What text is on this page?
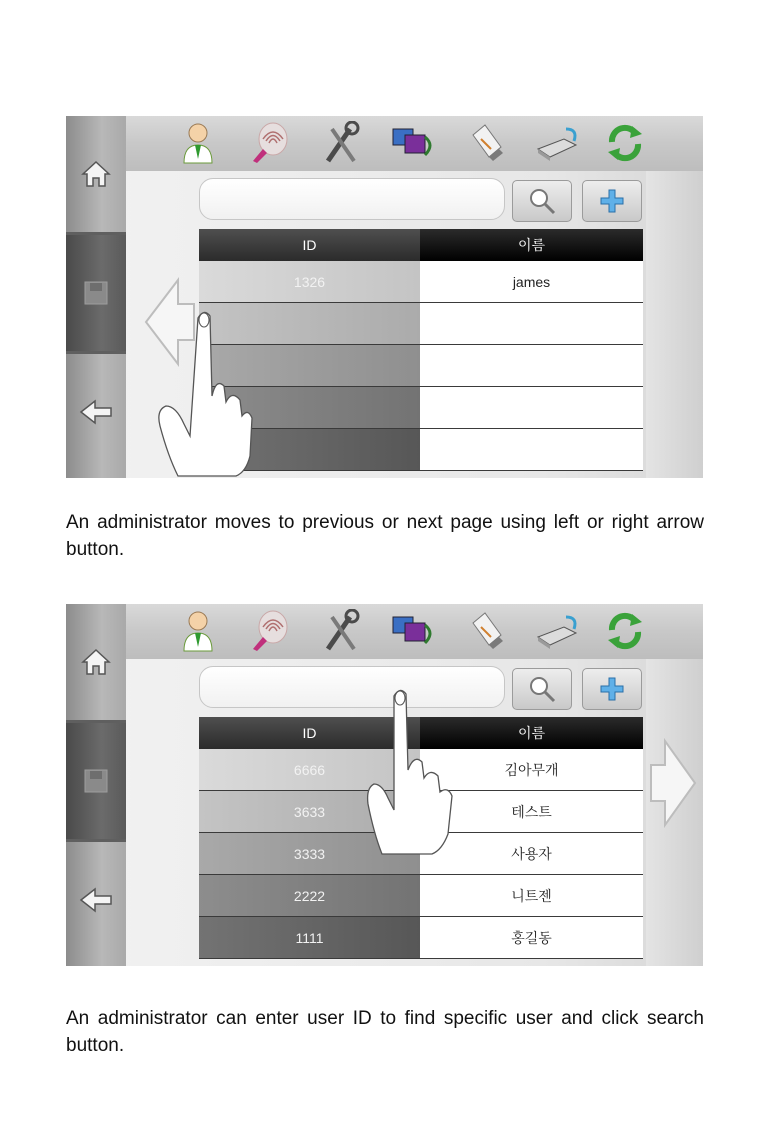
ID	이름
1326	james

An administrator moves to previous or next page using left or right arrow button.

ID	이름
6666	김아무개
3633	테스트
3333	사용자
2222	니트젠
1111	홍길동

An administrator can enter user ID to find specific user and click search button.
